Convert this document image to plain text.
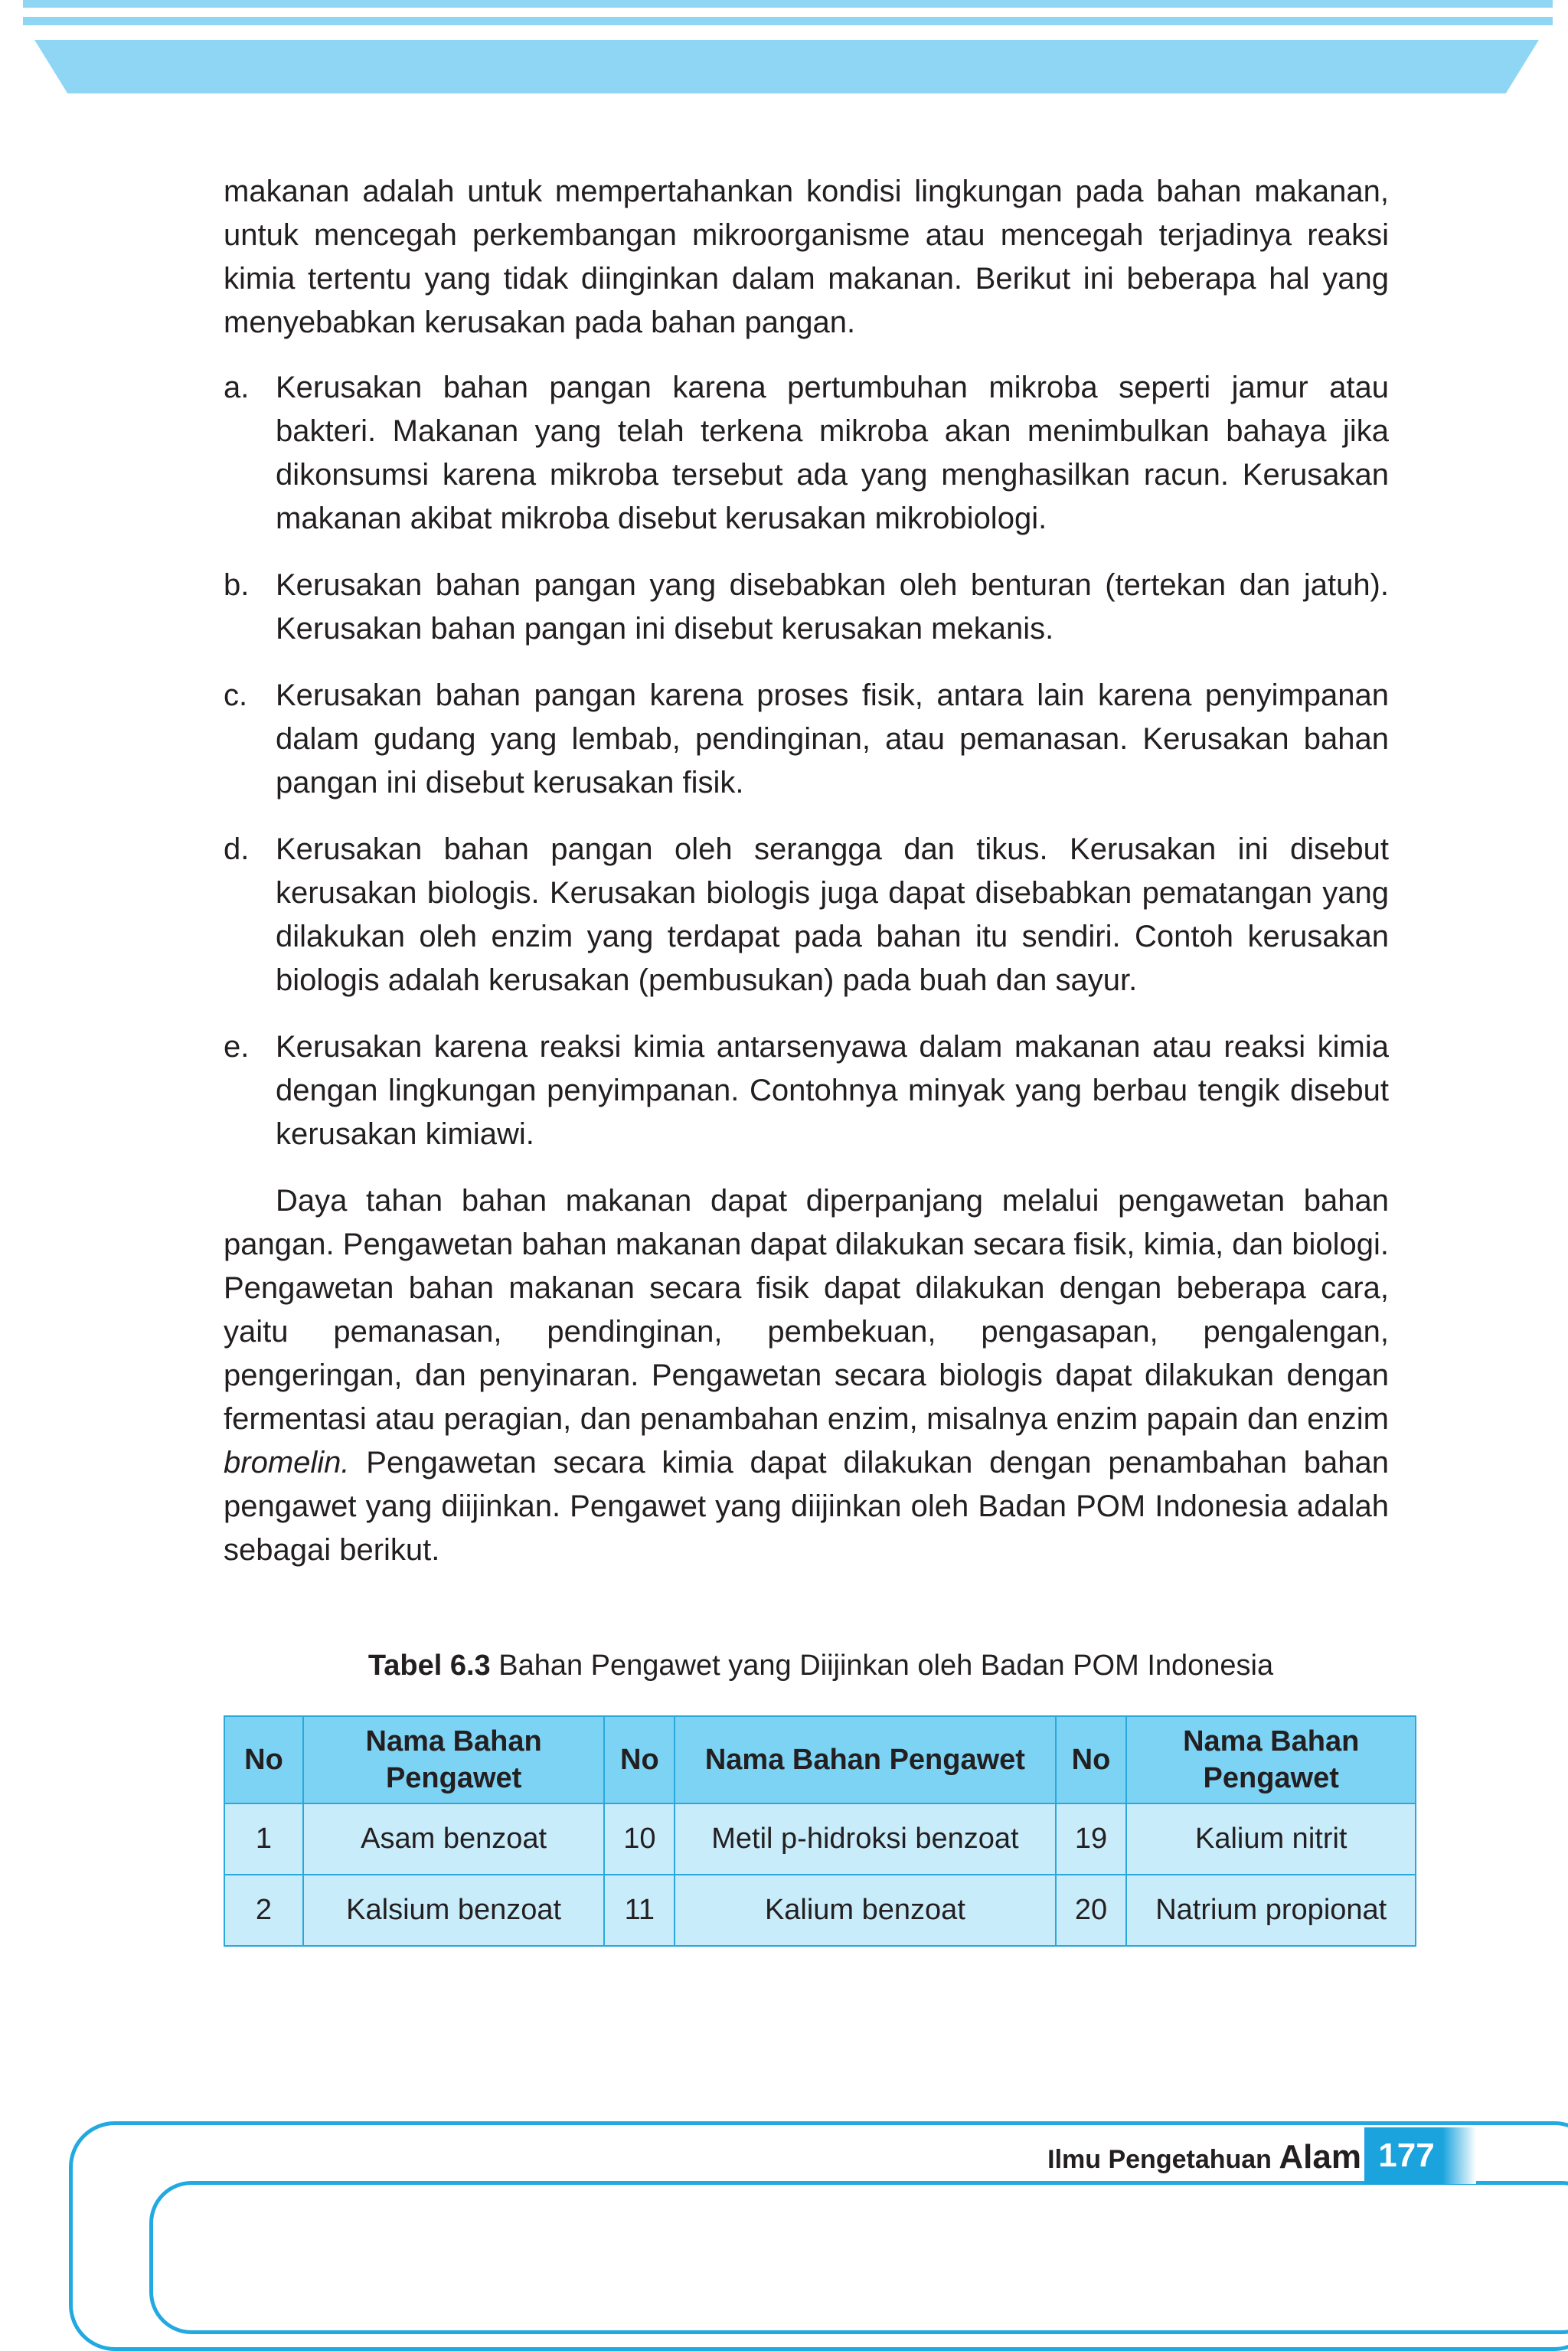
makanan adalah untuk mempertahankan kondisi lingkungan pada bahan makanan, untuk mencegah perkembangan mikroorganisme atau mencegah terjadinya reaksi kimia tertentu yang tidak diinginkan dalam makanan. Berikut ini beberapa hal yang menyebabkan kerusakan pada bahan pangan.

a. Kerusakan bahan pangan karena pertumbuhan mikroba seperti jamur atau bakteri. Makanan yang telah terkena mikroba akan menimbulkan bahaya jika dikonsumsi karena mikroba tersebut ada yang menghasilkan racun. Kerusakan makanan akibat mikroba disebut kerusakan mikrobiologi.
b. Kerusakan bahan pangan yang disebabkan oleh benturan (tertekan dan jatuh). Kerusakan bahan pangan ini disebut kerusakan mekanis.
c. Kerusakan bahan pangan karena proses fisik, antara lain karena penyimpanan dalam gudang yang lembab, pendinginan, atau pemanasan. Kerusakan bahan pangan ini disebut kerusakan fisik.
d. Kerusakan bahan pangan oleh serangga dan tikus. Kerusakan ini disebut kerusakan biologis. Kerusakan biologis juga dapat disebabkan pematangan yang dilakukan oleh enzim yang terdapat pada bahan itu sendiri. Contoh kerusakan biologis adalah kerusakan (pembusukan) pada buah dan sayur.
e. Kerusakan karena reaksi kimia antarsenyawa dalam makanan atau reaksi kimia dengan lingkungan penyimpanan. Contohnya minyak yang berbau tengik disebut kerusakan kimiawi.

Daya tahan bahan makanan dapat diperpanjang melalui pengawetan bahan pangan. Pengawetan bahan makanan dapat dilakukan secara fisik, kimia, dan biologi. Pengawetan bahan makanan secara fisik dapat dilakukan dengan beberapa cara, yaitu pemanasan, pendinginan, pembekuan, pengasapan, pengalengan, pengeringan, dan penyinaran. Pengawetan secara biologis dapat dilakukan dengan fermentasi atau peragian, dan penambahan enzim, misalnya enzim papain dan enzim bromelin. Pengawetan secara kimia dapat dilakukan dengan penambahan bahan pengawet yang diijinkan. Pengawet yang diijinkan oleh Badan POM Indonesia adalah sebagai berikut.

Tabel 6.3 Bahan Pengawet yang Diijinkan oleh Badan POM Indonesia
No	Nama Bahan Pengawet	No	Nama Bahan Pengawet	No	Nama Bahan Pengawet
1	Asam benzoat	10	Metil p-hidroksi benzoat	19	Kalium nitrit
2	Kalsium benzoat	11	Kalium benzoat	20	Natrium propionat
Ilmu Pengetahuan Alam 177
